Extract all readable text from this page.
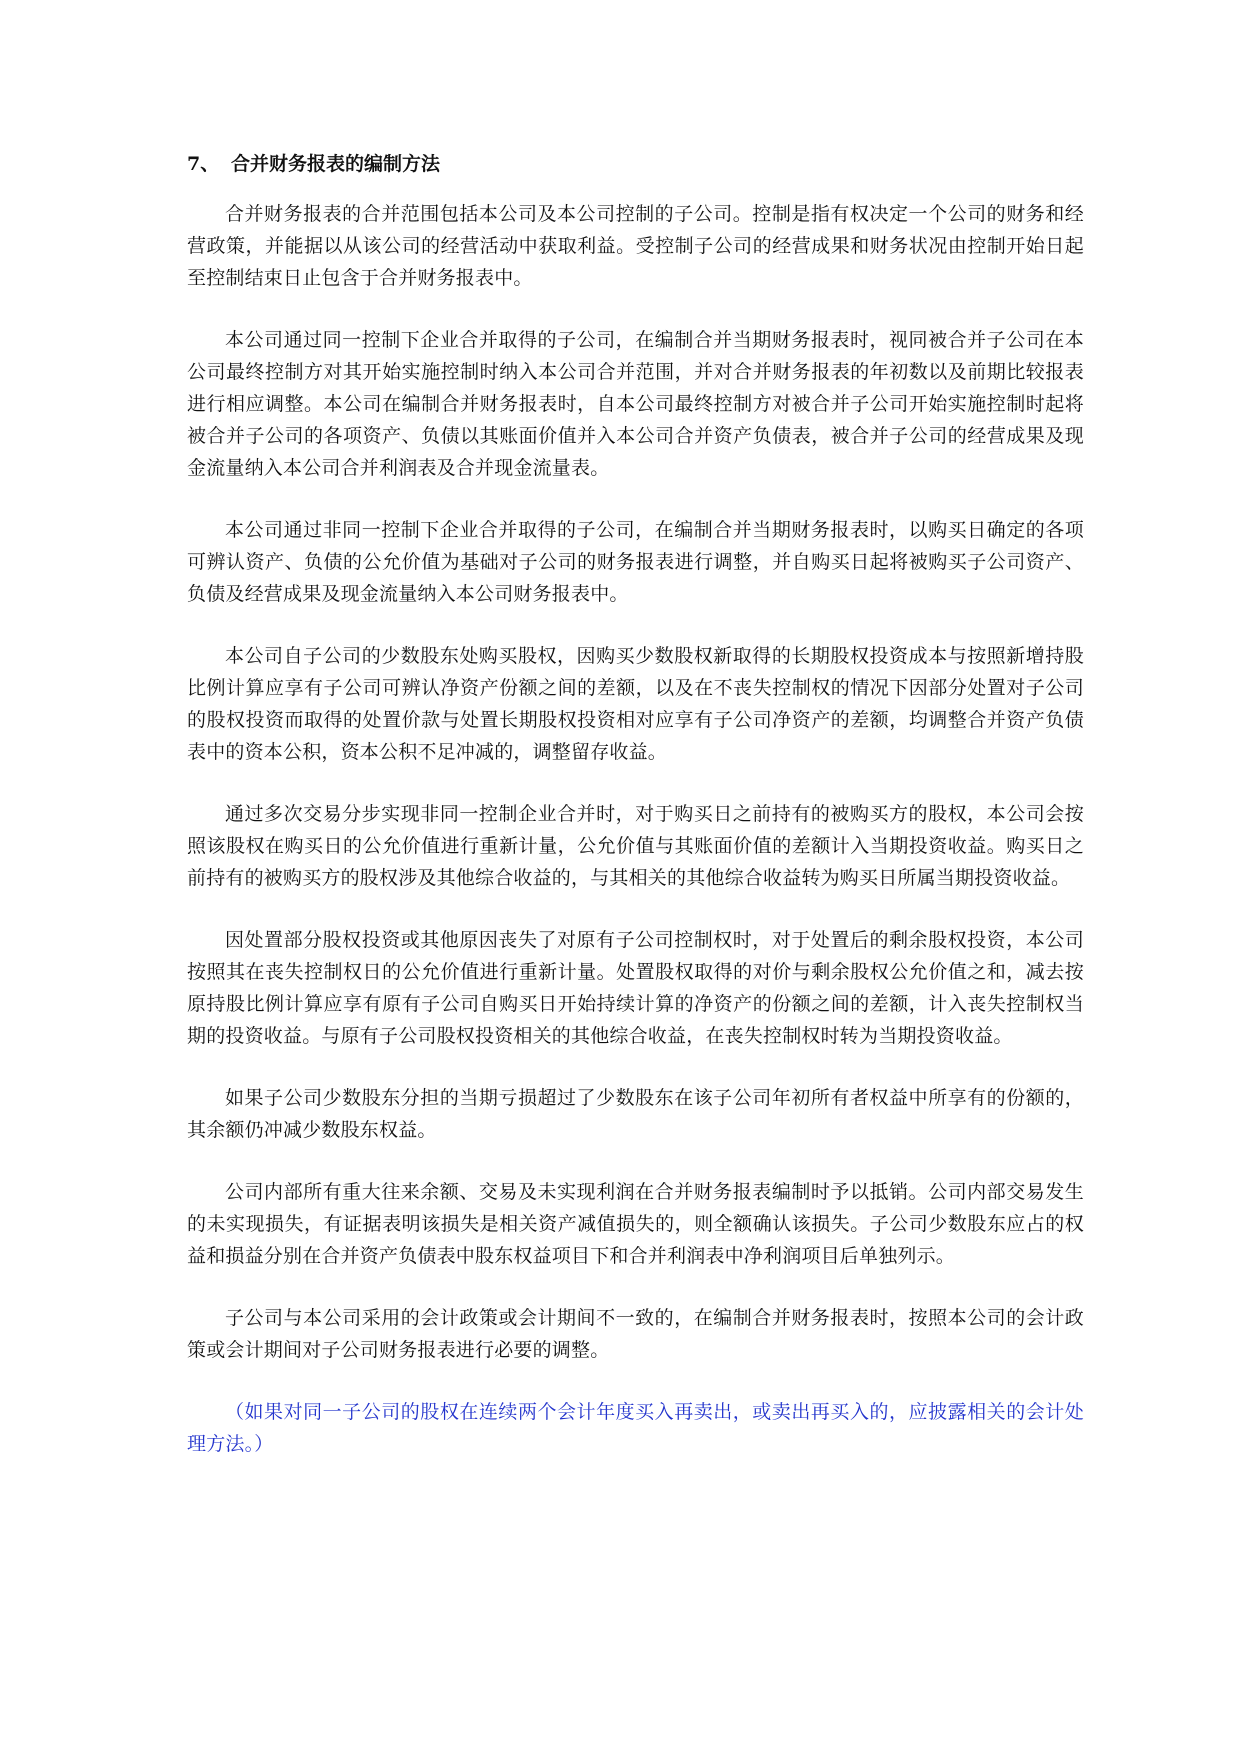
7、 合并财务报表的编制方法

合并财务报表的合并范围包括本公司及本公司控制的子公司。控制是指有权决定一个公司的财务和经营政策，并能据以从该公司的经营活动中获取利益。受控制子公司的经营成果和财务状况由控制开始日起至控制结束日止包含于合并财务报表中。

本公司通过同一控制下企业合并取得的子公司，在编制合并当期财务报表时，视同被合并子公司在本公司最终控制方对其开始实施控制时纳入本公司合并范围，并对合并财务报表的年初数以及前期比较报表进行相应调整。本公司在编制合并财务报表时，自本公司最终控制方对被合并子公司开始实施控制时起将被合并子公司的各项资产、负债以其账面价值并入本公司合并资产负债表，被合并子公司的经营成果及现金流量纳入本公司合并利润表及合并现金流量表。

本公司通过非同一控制下企业合并取得的子公司，在编制合并当期财务报表时，以购买日确定的各项可辨认资产、负债的公允价值为基础对子公司的财务报表进行调整，并自购买日起将被购买子公司资产、负债及经营成果及现金流量纳入本公司财务报表中。

本公司自子公司的少数股东处购买股权，因购买少数股权新取得的长期股权投资成本与按照新增持股比例计算应享有子公司可辨认净资产份额之间的差额，以及在不丧失控制权的情况下因部分处置对子公司的股权投资而取得的处置价款与处置长期股权投资相对应享有子公司净资产的差额，均调整合并资产负债表中的资本公积，资本公积不足冲减的，调整留存收益。

通过多次交易分步实现非同一控制企业合并时，对于购买日之前持有的被购买方的股权，本公司会按照该股权在购买日的公允价值进行重新计量，公允价值与其账面价值的差额计入当期投资收益。购买日之前持有的被购买方的股权涉及其他综合收益的，与其相关的其他综合收益转为购买日所属当期投资收益。

因处置部分股权投资或其他原因丧失了对原有子公司控制权时，对于处置后的剩余股权投资，本公司按照其在丧失控制权日的公允价值进行重新计量。处置股权取得的对价与剩余股权公允价值之和，减去按原持股比例计算应享有原有子公司自购买日开始持续计算的净资产的份额之间的差额，计入丧失控制权当期的投资收益。与原有子公司股权投资相关的其他综合收益，在丧失控制权时转为当期投资收益。

如果子公司少数股东分担的当期亏损超过了少数股东在该子公司年初所有者权益中所享有的份额的，其余额仍冲减少数股东权益。

公司内部所有重大往来余额、交易及未实现利润在合并财务报表编制时予以抵销。公司内部交易发生的未实现损失，有证据表明该损失是相关资产减值损失的，则全额确认该损失。子公司少数股东应占的权益和损益分别在合并资产负债表中股东权益项目下和合并利润表中净利润项目后单独列示。

子公司与本公司采用的会计政策或会计期间不一致的，在编制合并财务报表时，按照本公司的会计政策或会计期间对子公司财务报表进行必要的调整。

（如果对同一子公司的股权在连续两个会计年度买入再卖出，或卖出再买入的，应披露相关的会计处理方法。）
